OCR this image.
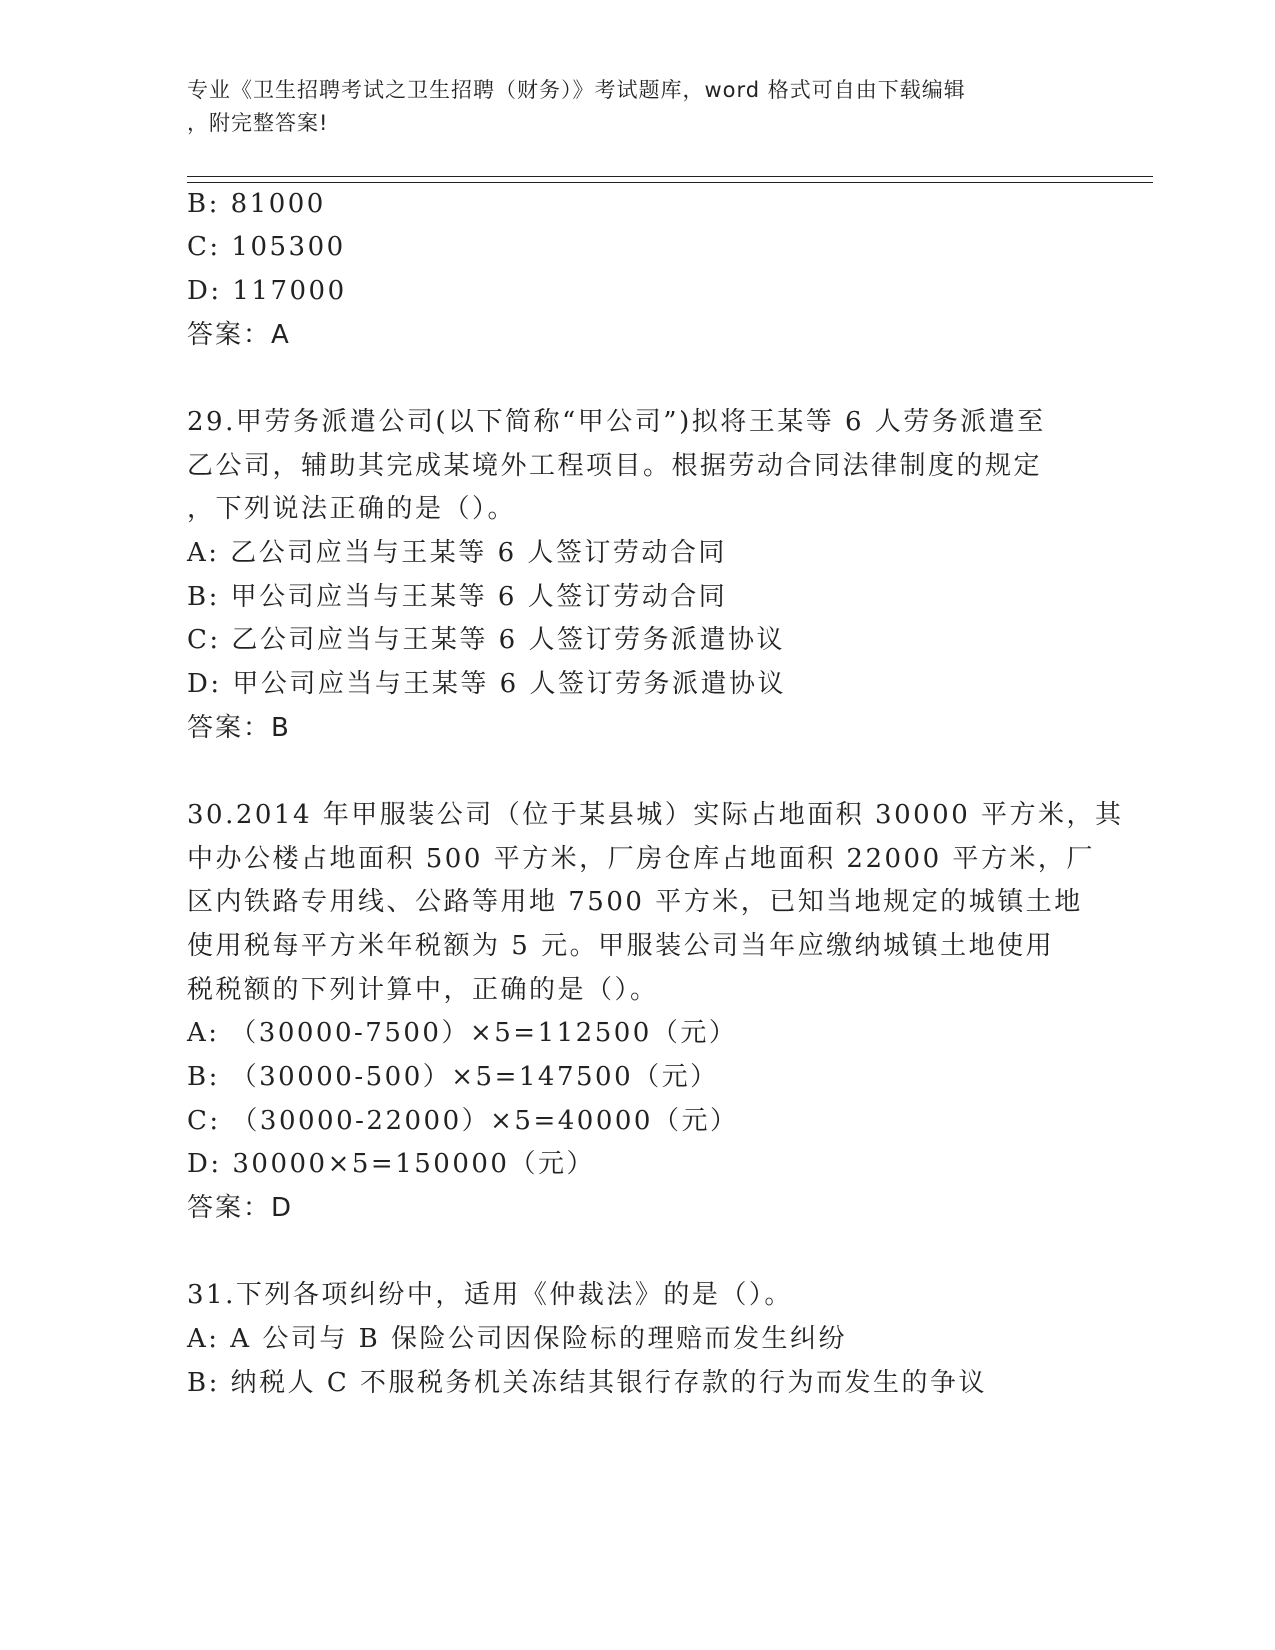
专业《卫生招聘考试之卫生招聘（财务）》考试题库，word 格式可自由下载编辑
，附完整答案!
B: 81000
C: 105300
D: 117000
答案：A
29.甲劳务派遣公司(以下简称“甲公司”)拟将王某等 6 人劳务派遣至
乙公司，辅助其完成某境外工程项目。根据劳动合同法律制度的规定
，下列说法正确的是（）。
A: 乙公司应当与王某等 6 人签订劳动合同
B: 甲公司应当与王某等 6 人签订劳动合同
C: 乙公司应当与王某等 6 人签订劳务派遣协议
D: 甲公司应当与王某等 6 人签订劳务派遣协议
答案：B
30.2014 年甲服装公司（位于某县城）实际占地面积 30000 平方米，其
中办公楼占地面积 500 平方米，厂房仓库占地面积 22000 平方米，厂
区内铁路专用线、公路等用地 7500 平方米，已知当地规定的城镇土地
使用税每平方米年税额为 5 元。甲服装公司当年应缴纳城镇土地使用
税税额的下列计算中，正确的是（）。
A: （30000-7500）×5=112500（元）
B: （30000-500）×5=147500（元）
C: （30000-22000）×5=40000（元）
D: 30000×5=150000（元）
答案：D
31.下列各项纠纷中，适用《仲裁法》的是（）。
A: A 公司与 B 保险公司因保险标的理赔而发生纠纷
B: 纳税人 C 不服税务机关冻结其银行存款的行为而发生的争议
